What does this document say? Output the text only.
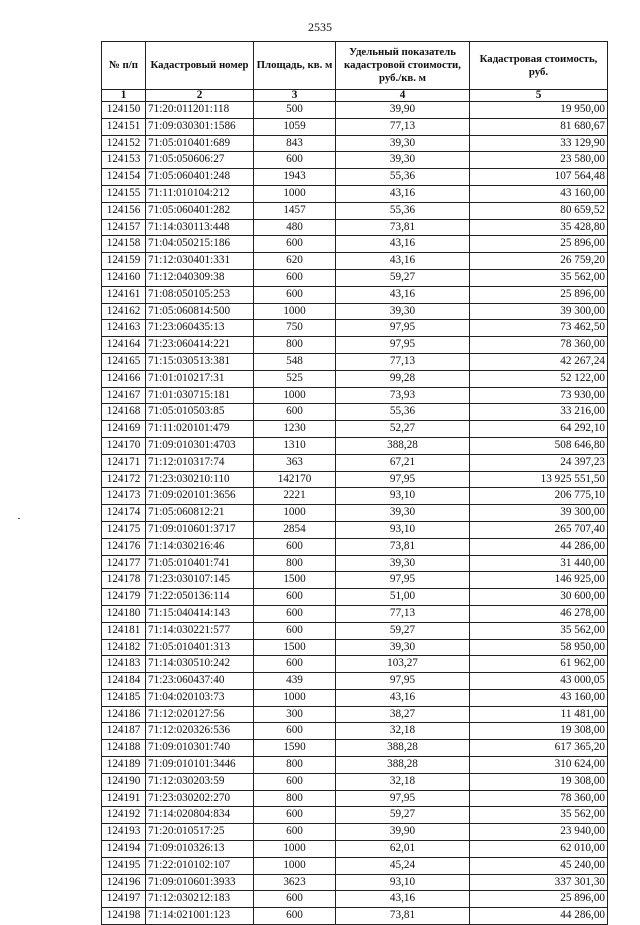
2535
№ п/п	Кадастровый номер	Площадь, кв. м	Удельный показатель кадастровой стоимости, руб./кв. м	Кадастровая стоимость, руб.
1	2	3	4	5
124150	71:20:011201:118	500	39,90	19 950,00
124151	71:09:030301:1586	1059	77,13	81 680,67
124152	71:05:010401:689	843	39,30	33 129,90
124153	71:05:050606:27	600	39,30	23 580,00
124154	71:05:060401:248	1943	55,36	107 564,48
124155	71:11:010104:212	1000	43,16	43 160,00
124156	71:05:060401:282	1457	55,36	80 659,52
124157	71:14:030113:448	480	73,81	35 428,80
124158	71:04:050215:186	600	43,16	25 896,00
124159	71:12:030401:331	620	43,16	26 759,20
124160	71:12:040309:38	600	59,27	35 562,00
124161	71:08:050105:253	600	43,16	25 896,00
124162	71:05:060814:500	1000	39,30	39 300,00
124163	71:23:060435:13	750	97,95	73 462,50
124164	71:23:060414:221	800	97,95	78 360,00
124165	71:15:030513:381	548	77,13	42 267,24
124166	71:01:010217:31	525	99,28	52 122,00
124167	71:01:030715:181	1000	73,93	73 930,00
124168	71:05:010503:85	600	55,36	33 216,00
124169	71:11:020101:479	1230	52,27	64 292,10
124170	71:09:010301:4703	1310	388,28	508 646,80
124171	71:12:010317:74	363	67,21	24 397,23
124172	71:23:030210:110	142170	97,95	13 925 551,50
124173	71:09:020101:3656	2221	93,10	206 775,10
124174	71:05:060812:21	1000	39,30	39 300,00
124175	71:09:010601:3717	2854	93,10	265 707,40
124176	71:14:030216:46	600	73,81	44 286,00
124177	71:05:010401:741	800	39,30	31 440,00
124178	71:23:030107:145	1500	97,95	146 925,00
124179	71:22:050136:114	600	51,00	30 600,00
124180	71:15:040414:143	600	77,13	46 278,00
124181	71:14:030221:577	600	59,27	35 562,00
124182	71:05:010401:313	1500	39,30	58 950,00
124183	71:14:030510:242	600	103,27	61 962,00
124184	71:23:060437:40	439	97,95	43 000,05
124185	71:04:020103:73	1000	43,16	43 160,00
124186	71:12:020127:56	300	38,27	11 481,00
124187	71:12:020326:536	600	32,18	19 308,00
124188	71:09:010301:740	1590	388,28	617 365,20
124189	71:09:010101:3446	800	388,28	310 624,00
124190	71:12:030203:59	600	32,18	19 308,00
124191	71:23:030202:270	800	97,95	78 360,00
124192	71:14:020804:834	600	59,27	35 562,00
124193	71:20:010517:25	600	39,90	23 940,00
124194	71:09:010326:13	1000	62,01	62 010,00
124195	71:22:010102:107	1000	45,24	45 240,00
124196	71:09:010601:3933	3623	93,10	337 301,30
124197	71:12:030212:183	600	43,16	25 896,00
124198	71:14:021001:123	600	73,81	44 286,00
